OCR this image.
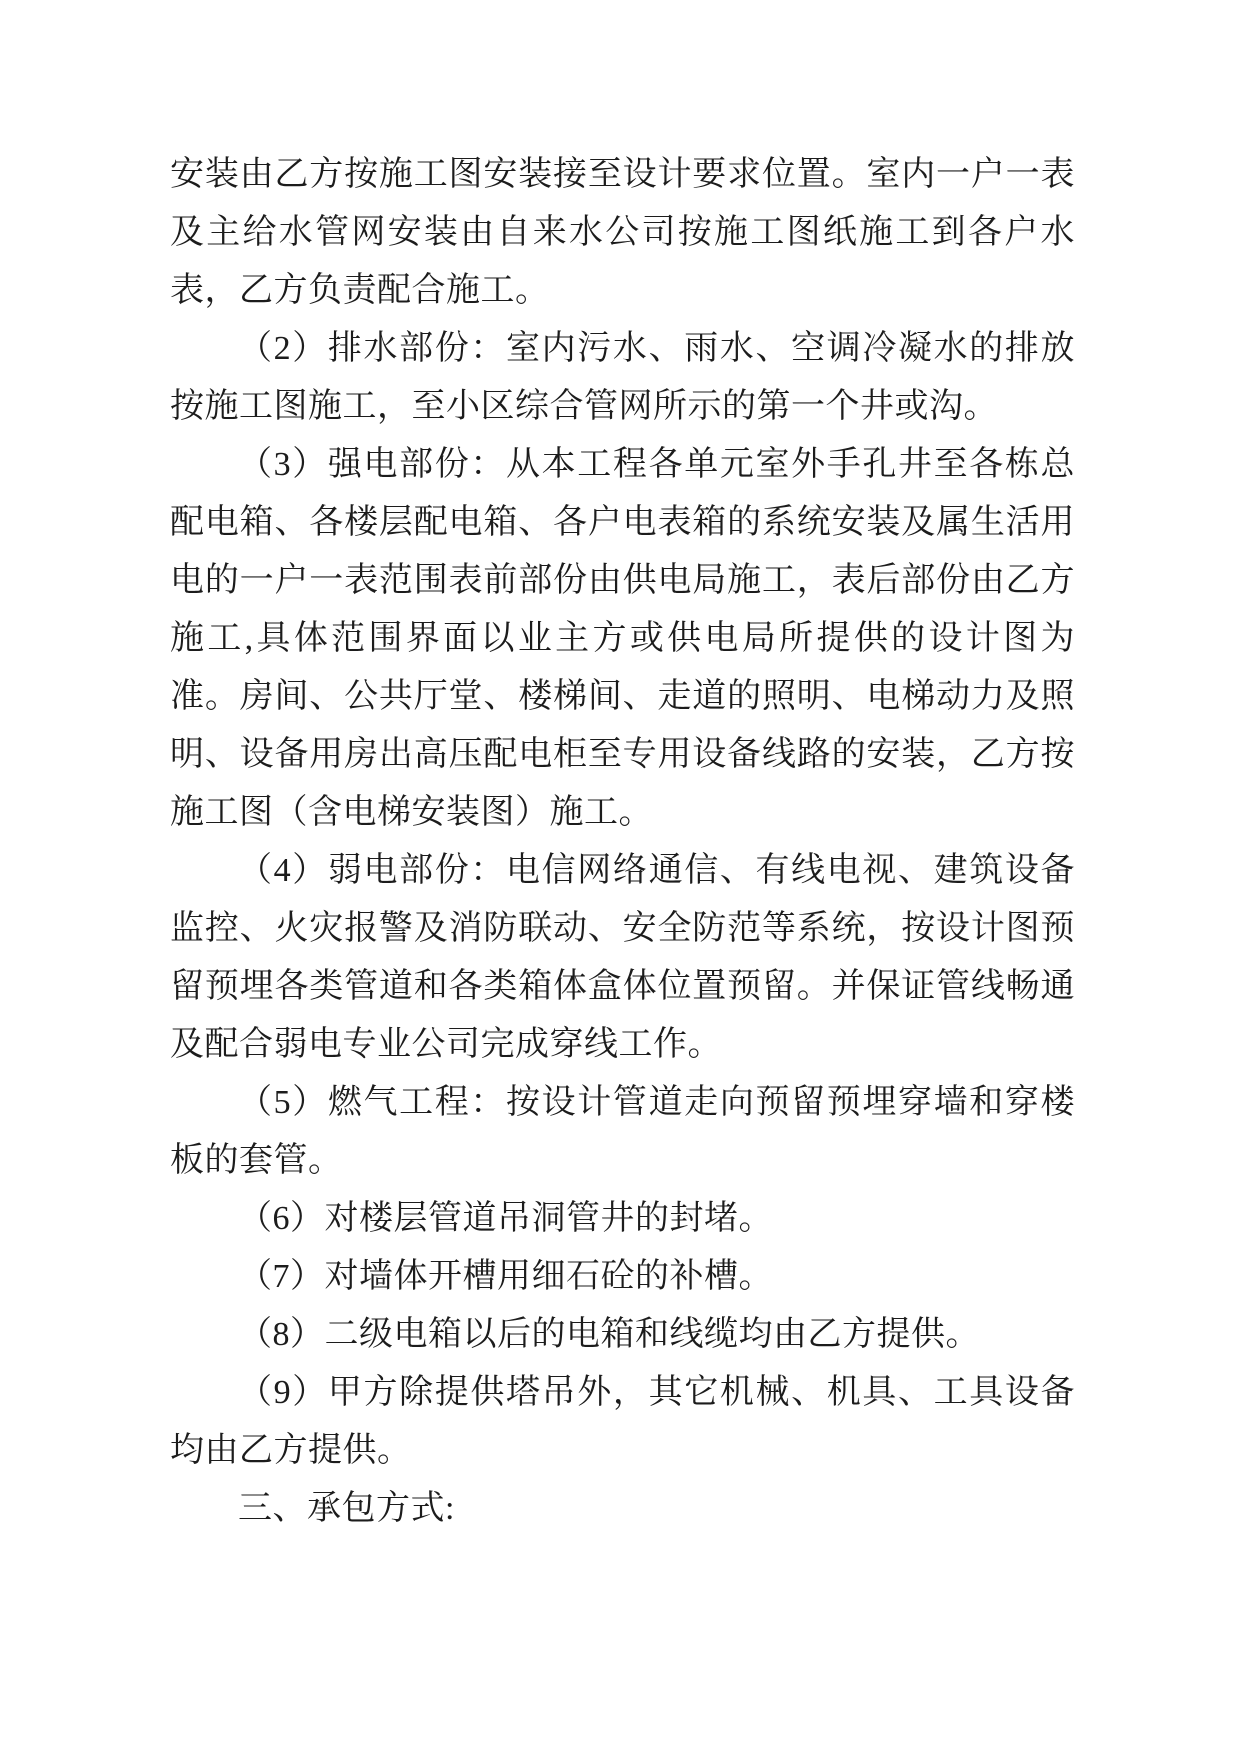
安装由乙方按施工图安装接至设计要求位置。室内一户一表及主给水管网安装由自来水公司按施工图纸施工到各户水表，乙方负责配合施工。

（2）排水部份：室内污水、雨水、空调冷凝水的排放按施工图施工，至小区综合管网所示的第一个井或沟。

（3）强电部份：从本工程各单元室外手孔井至各栋总配电箱、各楼层配电箱、各户电表箱的系统安装及属生活用电的一户一表范围表前部份由供电局施工，表后部份由乙方施工,具体范围界面以业主方或供电局所提供的设计图为准。房间、公共厅堂、楼梯间、走道的照明、电梯动力及照明、设备用房出高压配电柜至专用设备线路的安装，乙方按施工图（含电梯安装图）施工。

（4）弱电部份：电信网络通信、有线电视、建筑设备监控、火灾报警及消防联动、安全防范等系统，按设计图预留预埋各类管道和各类箱体盒体位置预留。并保证管线畅通及配合弱电专业公司完成穿线工作。

（5）燃气工程：按设计管道走向预留预埋穿墙和穿楼板的套管。

（6）对楼层管道吊洞管井的封堵。

（7）对墙体开槽用细石砼的补槽。

（8）二级电箱以后的电箱和线缆均由乙方提供。

（9）甲方除提供塔吊外，其它机械、机具、工具设备均由乙方提供。

三、承包方式:
